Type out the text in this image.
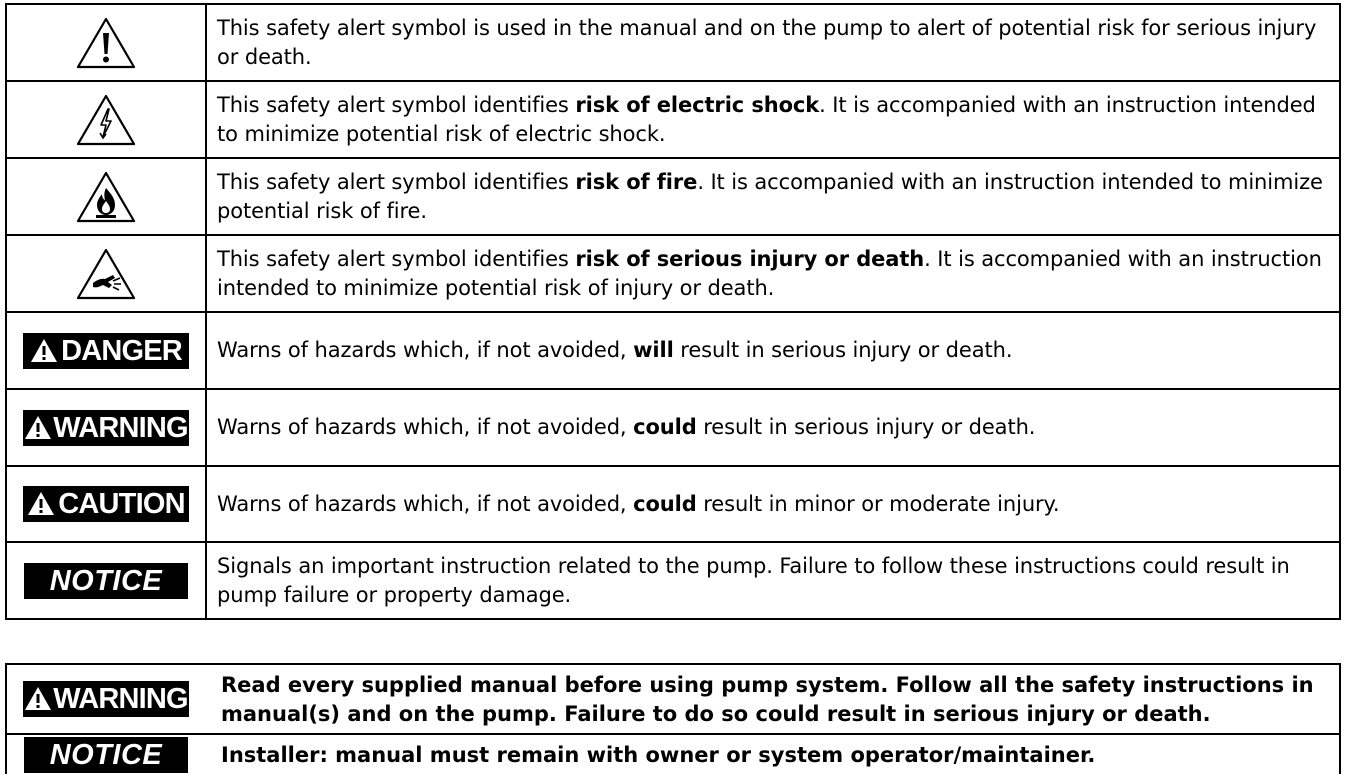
	This safety alert symbol is used in the manual and on the pump to alert of potential risk for serious injury or death.

	This safety alert symbol identifies risk of electric shock. It is accompanied with an instruction intended to minimize potential risk of electric shock.

	This safety alert symbol identifies risk of fire. It is accompanied with an instruction intended to minimize potential risk of fire.

	This safety alert symbol identifies risk of serious injury or death. It is accompanied with an instruction intended to minimize potential risk of injury or death.
DANGER	Warns of hazards which, if not avoided, will result in serious injury or death.
WARNING	Warns of hazards which, if not avoided, could result in serious injury or death.
CAUTION	Warns of hazards which, if not avoided, could result in minor or moderate injury.
NOTICE	Signals an important instruction related to the pump. Failure to follow these instructions could result in pump failure or property damage.
WARNING	Read every supplied manual before using pump system. Follow all the safety instructions in manual(s) and on the pump. Failure to do so could result in serious injury or death.
NOTICE	Installer: manual must remain with owner or system operator/maintainer.
